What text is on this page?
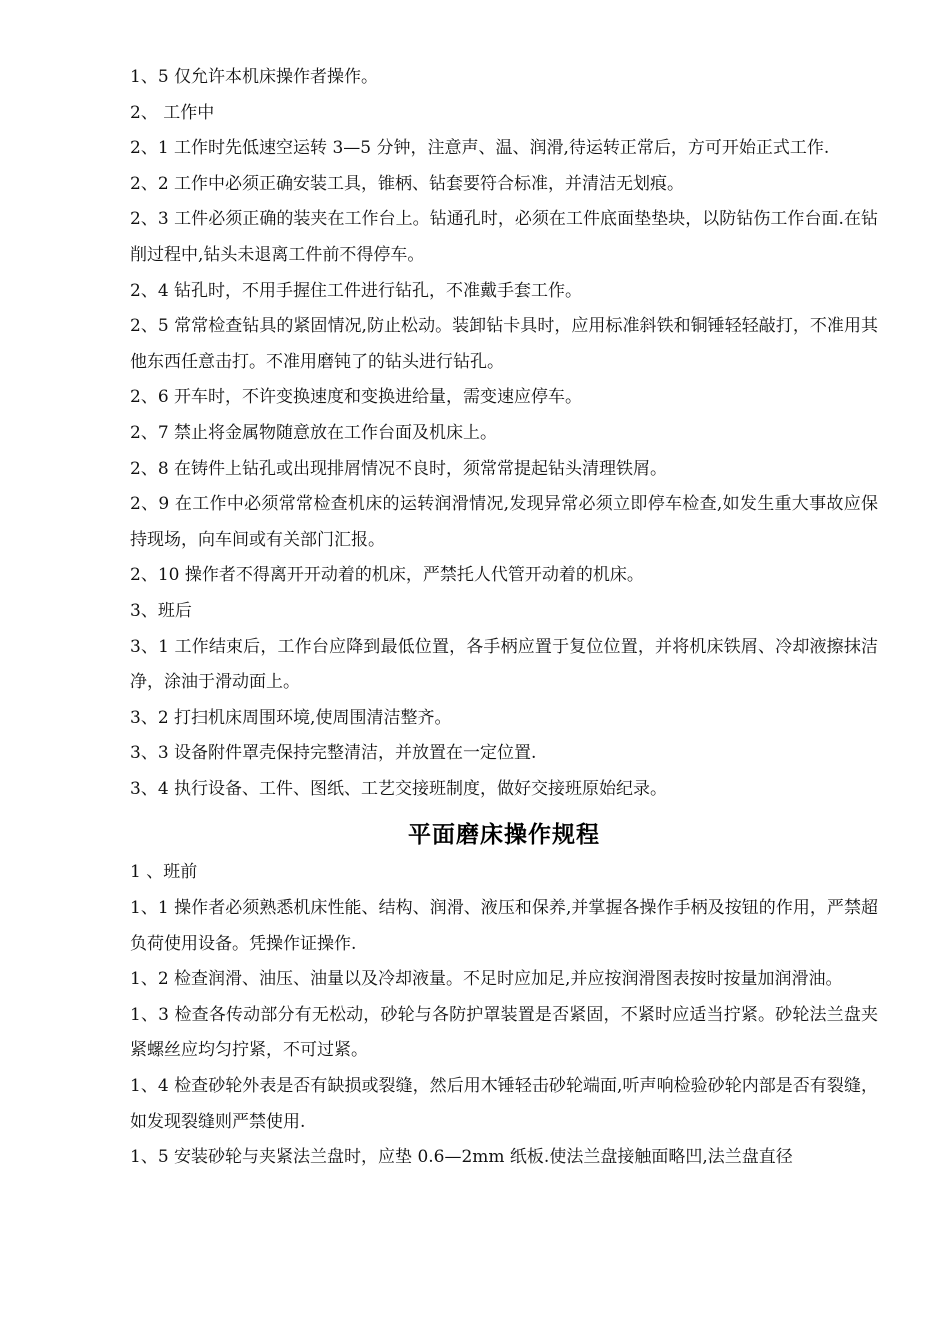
1、5 仅允许本机床操作者操作。

2、 工作中

2、1 工作时先低速空运转 3—5 分钟，注意声、温、润滑,待运转正常后，方可开始正式工作.

2、2 工作中必须正确安装工具，锥柄、钻套要符合标准，并清洁无划痕。

2、3 工件必须正确的装夹在工作台上。钻通孔时，必须在工件底面垫垫块，以防钻伤工作台面.在钻削过程中,钻头未退离工件前不得停车。

2、4 钻孔时，不用手握住工件进行钻孔，不准戴手套工作。

2、5 常常检查钻具的紧固情况,防止松动。装卸钻卡具时，应用标准斜铁和铜锤轻轻敲打，不准用其他东西任意击打。不准用磨钝了的钻头进行钻孔。

2、6 开车时，不许变换速度和变换进给量，需变速应停车。

2、7 禁止将金属物随意放在工作台面及机床上。

2、8 在铸件上钻孔或出现排屑情况不良时，须常常提起钻头清理铁屑。

2、9 在工作中必须常常检查机床的运转润滑情况,发现异常必须立即停车检查,如发生重大事故应保持现场，向车间或有关部门汇报。

2、10 操作者不得离开开动着的机床，严禁托人代管开动着的机床。

3、班后

3、1 工作结束后，工作台应降到最低位置，各手柄应置于复位位置，并将机床铁屑、冷却液擦抹洁净，涂油于滑动面上。

3、2 打扫机床周围环境,使周围清洁整齐。

3、3 设备附件罩壳保持完整清洁，并放置在一定位置.

3、4 执行设备、工件、图纸、工艺交接班制度，做好交接班原始纪录。

平面磨床操作规程

1 、班前

1、1 操作者必须熟悉机床性能、结构、润滑、液压和保养,并掌握各操作手柄及按钮的作用，严禁超负荷使用设备。凭操作证操作.

1、2 检查润滑、油压、油量以及冷却液量。不足时应加足,并应按润滑图表按时按量加润滑油。

1、3 检查各传动部分有无松动，砂轮与各防护罩装置是否紧固，不紧时应适当拧紧。砂轮法兰盘夹紧螺丝应均匀拧紧，不可过紧。

1、4 检查砂轮外表是否有缺损或裂缝，然后用木锤轻击砂轮端面,听声响检验砂轮内部是否有裂缝，如发现裂缝则严禁使用.

1、5 安装砂轮与夹紧法兰盘时，应垫 0.6—2mm 纸板.使法兰盘接触面略凹,法兰盘直径
